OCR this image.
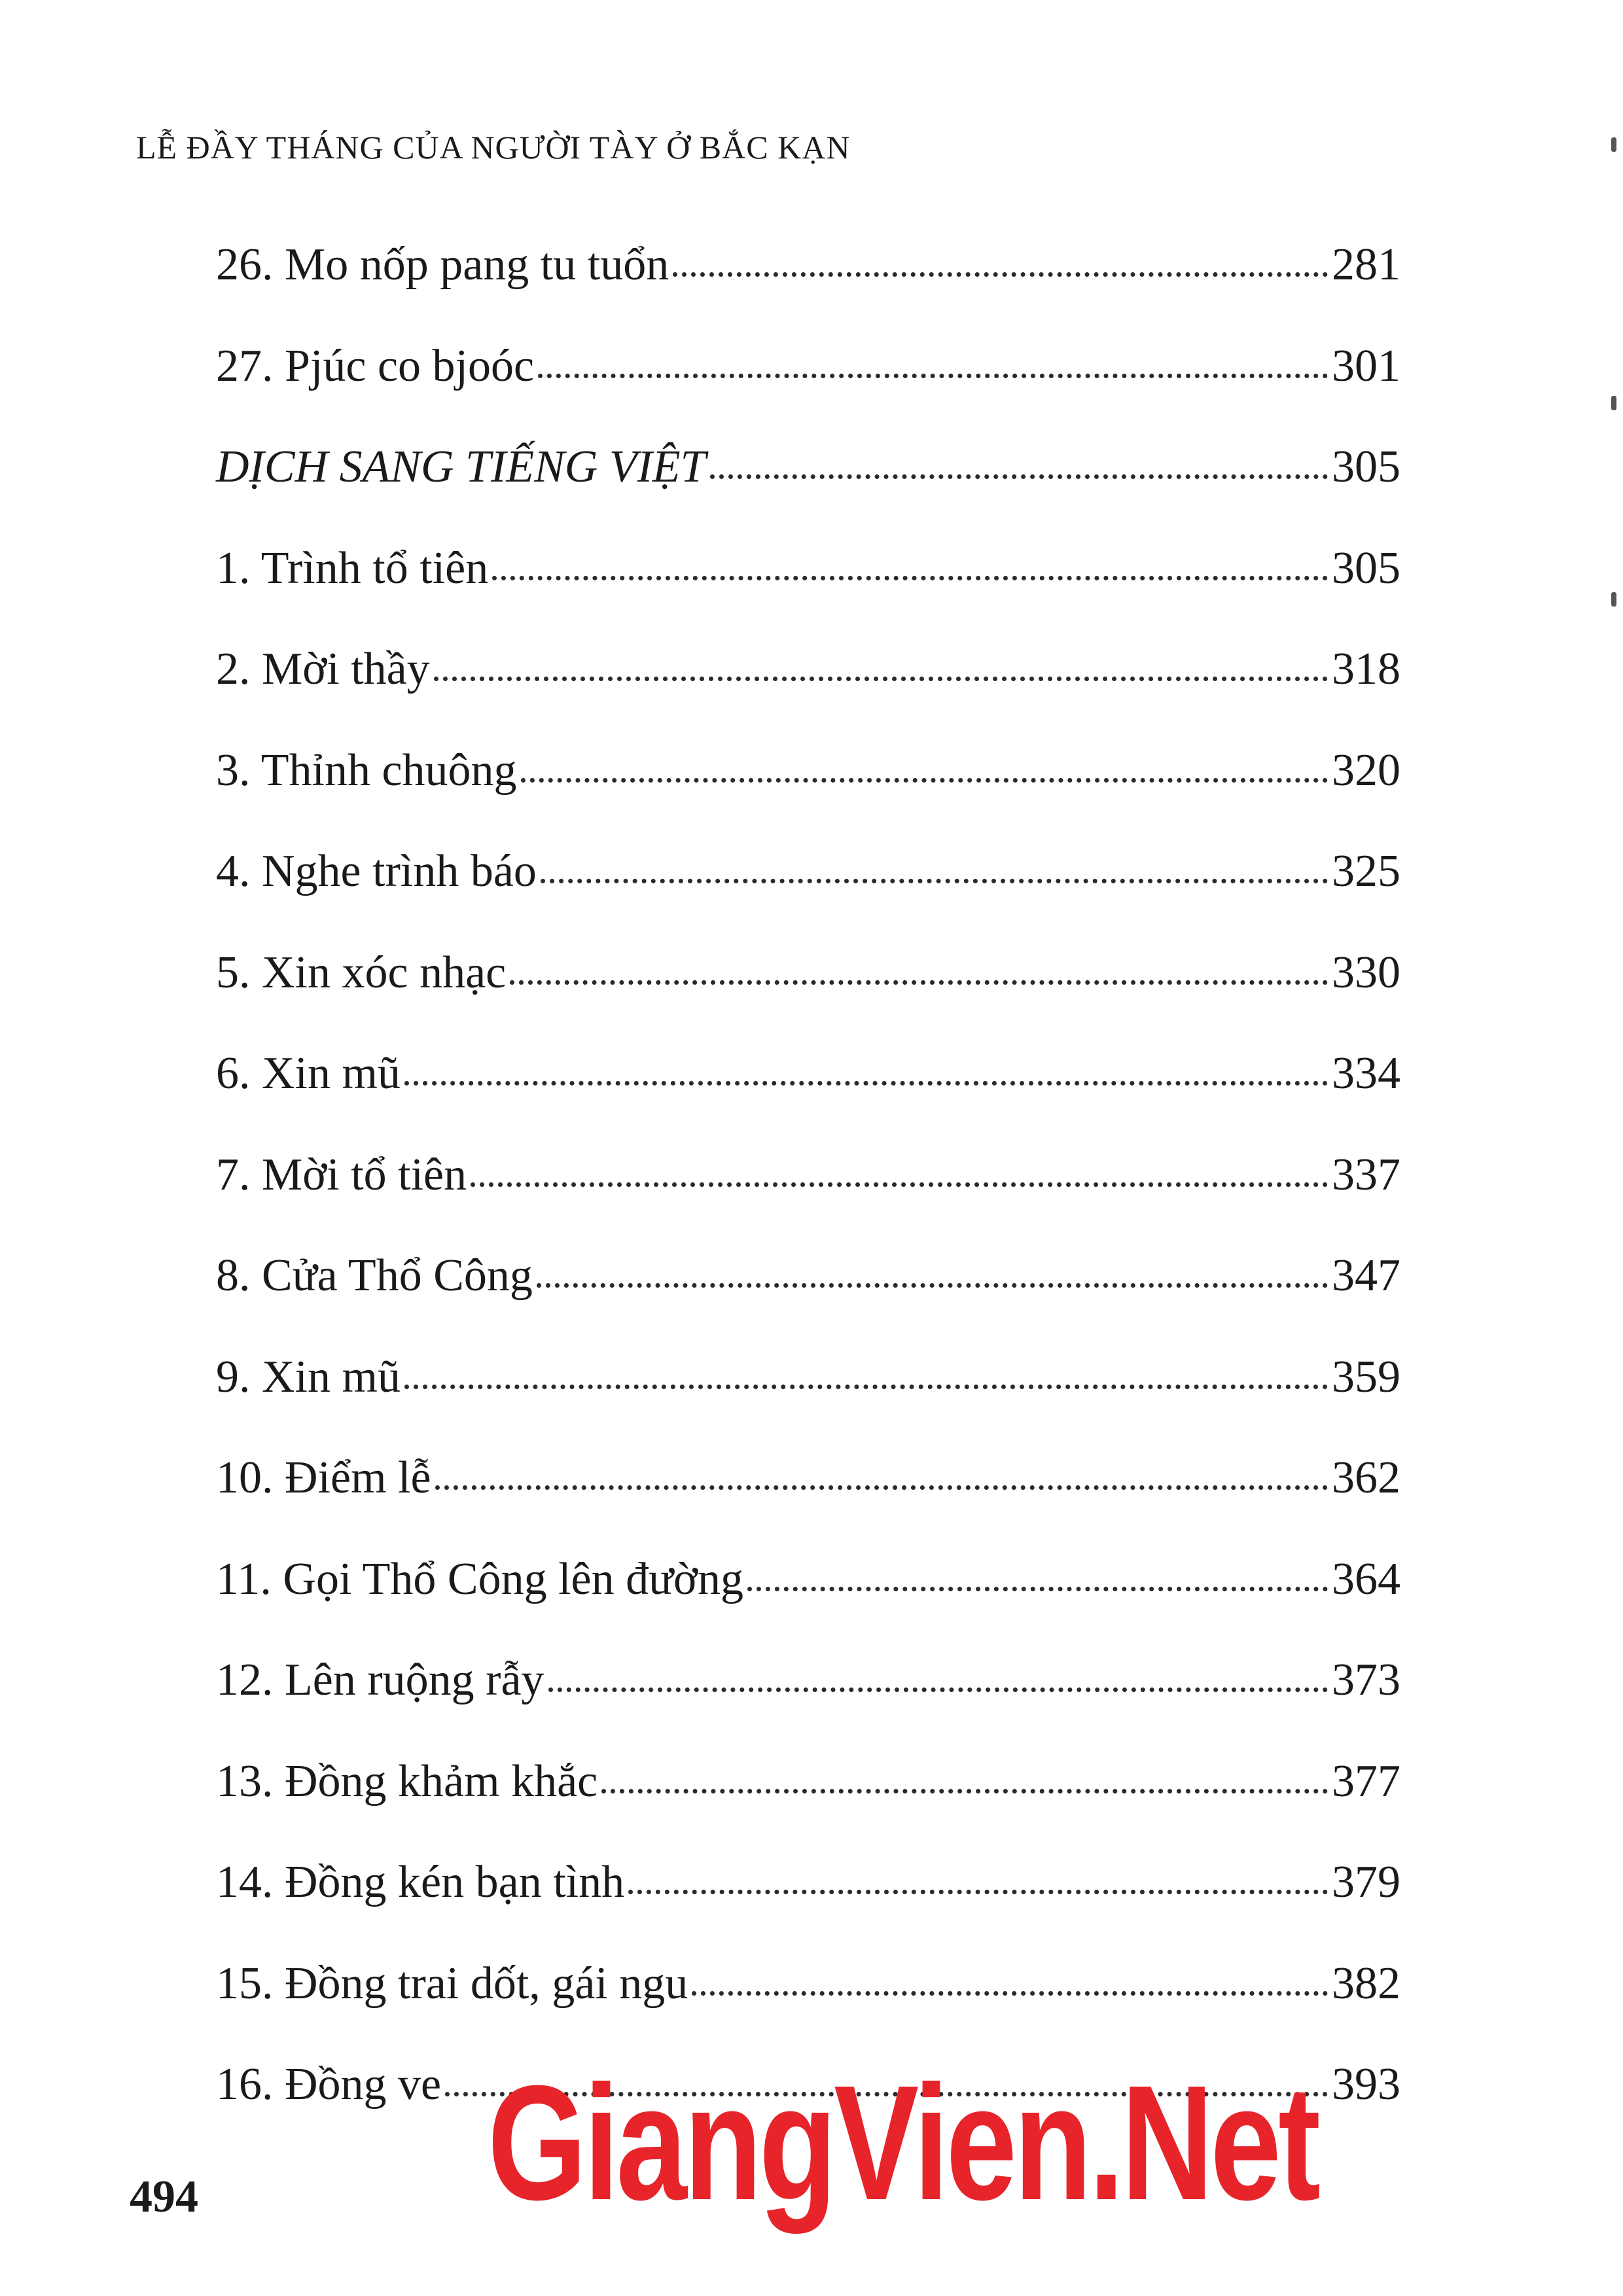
LỄ ĐẦY THÁNG CỦA NGƯỜI TÀY Ở BẮC KẠN
26. Mo nốp pang tu tuổn	281
27. Pjúc co bjoóc	301
DỊCH SANG TIẾNG VIỆT	305
1. Trình tổ tiên	305
2. Mời thầy	318
3. Thỉnh chuông	320
4. Nghe trình báo	325
5. Xin xóc nhạc	330
6. Xin mũ	334
7. Mời tổ tiên	337
8. Cửa Thổ Công	347
9. Xin mũ	359
10. Điểm lễ	362
11. Gọi Thổ Công lên đường	364
12. Lên ruộng rẫy	373
13. Đồng khảm khắc	377
14. Đồng kén bạn tình	379
15. Đồng trai dốt, gái ngu	382
16. Đồng ve	393
494 GiangVien.Net
